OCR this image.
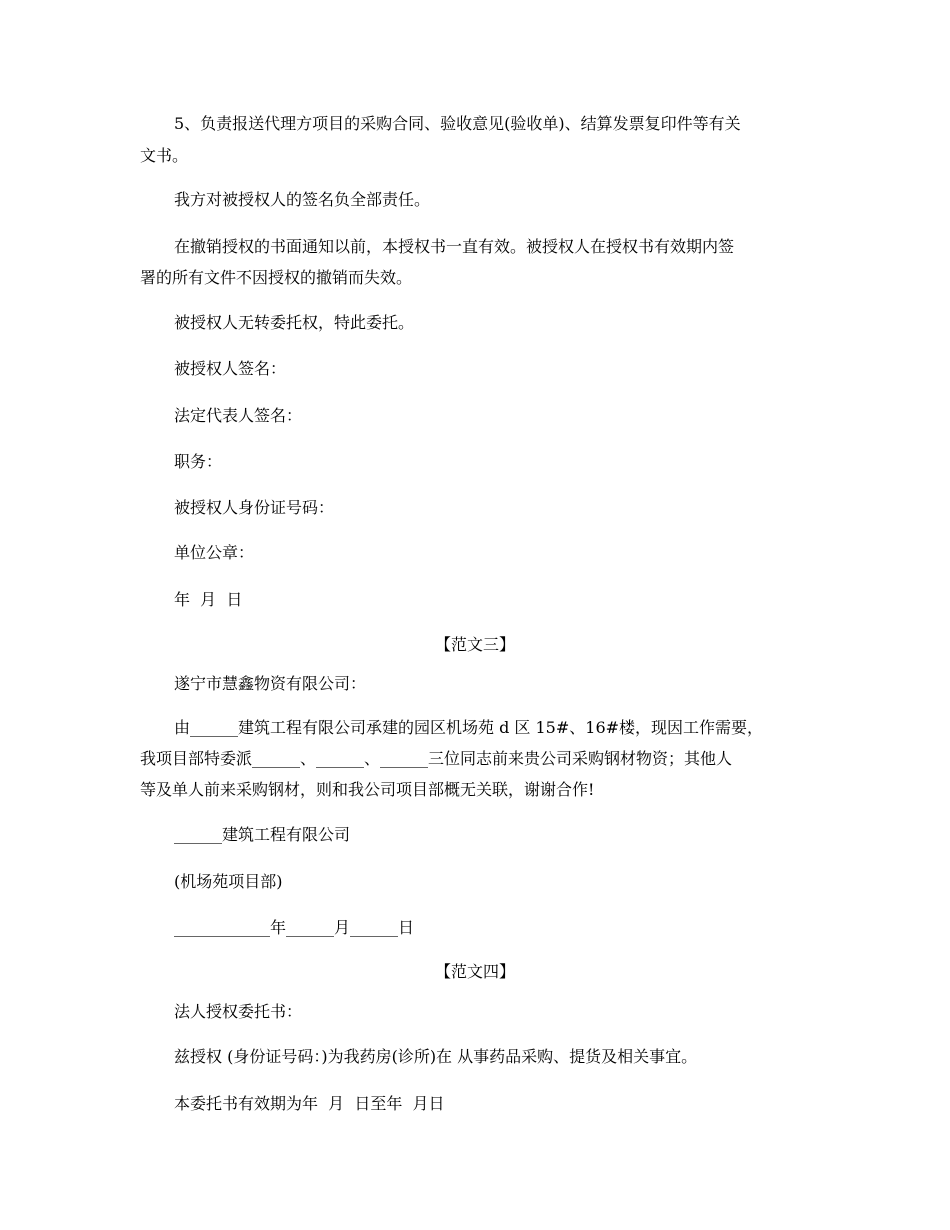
5、负责报送代理方项目的采购合同、验收意见(验收单)、结算发票复印件等有关
文书。
我方对被授权人的签名负全部责任。
在撤销授权的书面通知以前，本授权书一直有效。被授权人在授权书有效期内签
署的所有文件不因授权的撤销而失效。
被授权人无转委托权，特此委托。
被授权人签名：
法定代表人签名：
职务：
被授权人身份证号码：
单位公章：
年  月  日
【范文三】
遂宁市慧鑫物资有限公司：
由______建筑工程有限公司承建的园区机场苑 d 区 15#、16#楼，现因工作需要，
我项目部特委派______、______、______三位同志前来贵公司采购钢材物资；其他人
等及单人前来采购钢材，则和我公司项目部概无关联，谢谢合作!
______建筑工程有限公司
(机场苑项目部)
____________年______月______日
【范文四】
法人授权委托书：
兹授权 (身份证号码：)为我药房(诊所)在 从事药品采购、提货及相关事宜。
本委托书有效期为年  月  日至年  月日
